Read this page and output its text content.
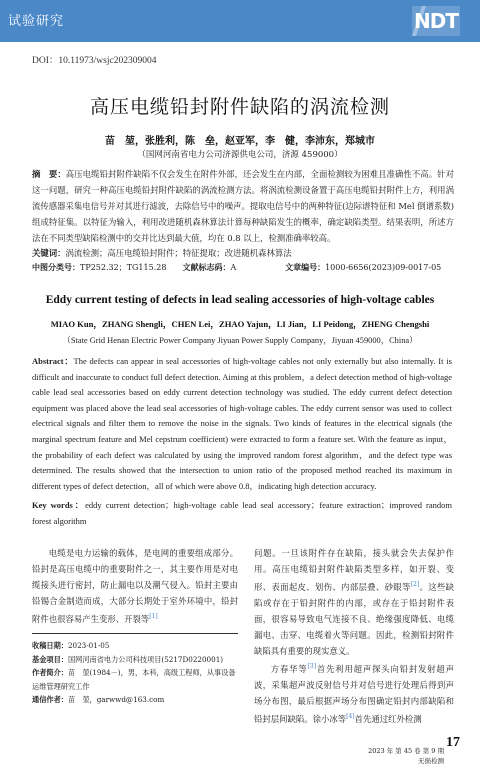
试验研究	NDT
DOI：10.11973/wsjc202309004
高压电缆铅封附件缺陷的涡流检测
苗　堃，张胜利，陈　垒，赵亚军，李　健，李沛东，郑城市
（国网河南省电力公司济源供电公司，济源 459000）
摘　要：高压电缆铅封附件缺陷不仅会发生在附件外部，还会发生在内部，全面检测较为困难且准确性不高。针对这一问题，研究一种高压电缆铅封附件缺陷的涡流检测方法。将涡流检测设备置于高压电缆铅封附件上方，利用涡流传感器采集电信号并对其进行滤波，去除信号中的噪声。提取电信号中的两种特征(边际谱特征和 Mel 倒谱系数)组成特征集。以特征为输入，利用改进随机森林算法计算每种缺陷发生的概率，确定缺陷类型。结果表明，所述方法在不同类型缺陷检测中的交并比达到最大值，均在 0.8 以上，检测准确率较高。
关键词：涡流检测；高压电缆铅封附件；特征提取；改进随机森林算法
中图分类号：TP252.32；TG115.28 文献标志码：A	文章编号：1000-6656(2023)09-0017-05
Eddy current testing of defects in lead sealing accessories of high-voltage cables
MIAO Kun，ZHANG Shengli，CHEN Lei，ZHAO Yajun，LI Jian，LI Peidong，ZHENG Chengshi
（State Grid Henan Electric Power Company Jiyuan Power Supply Company，Jiyuan 459000，China）
Abstract：The defects can appear in seal accessories of high-voltage cables not only externally but also internally. It is difficult and inaccurate to conduct full defect detection. Aiming at this problem，a defect detection method of high-voltage cable lead seal accessories based on eddy current detection technology was studied. The eddy current defect detection equipment was placed above the lead seal accessories of high-voltage cables. The eddy current sensor was used to collect electrical signals and filter them to remove the noise in the signals. Two kinds of features in the electrical signals (the marginal spectrum feature and Mel cepstrum coefficient) were extracted to form a feature set. With the feature as input，the probability of each defect was calculated by using the improved random forest algorithm，and the defect type was determined. The results showed that the intersection to union ratio of the proposed method reached its maximum in different types of defect detection，all of which were above 0.8，indicating high detection accuracy.
Key words：eddy current detection；high-voltage cable lead seal accessory；feature extraction；improved random forest algorithm
电缆是电力运输的载体，是电网的重要组成部分。铅封是高压电缆中的重要附件之一，其主要作用是对电缆接头进行密封，防止漏电以及潮气侵入。铅封主要由铅锡合金制造而成，大部分长期处于室外环境中，铅封附件也很容易产生变形、开裂等[1]
收稿日期：2023-01-05
基金项目：国网河南省电力公司科技项目(5217D0220001)
作者简介：苗　堃(1984－)，男，本科，高级工程师，从事设备运维管理研究工作
通信作者：苗　堃，garwwd@163.com
问题。一旦该附件存在缺陷，接头就会失去保护作用。高压电缆铅封附件缺陷类型多样，如开裂、变形、表面起皮、划伤、内部层叠、砂眼等[2]。这些缺陷或存在于铅封附件的内部，或存在于铅封附件表面，很容易导致电气连接不良、绝缘强度降低、电缆漏电、击穿、电缆着火等问题。因此，检测铅封附件缺陷具有重要的现实意义。
方春华等[3]首先利用超声探头向铅封发射超声波，采集超声波反射信号并对信号进行处理后得到声场分布图，最后根据声场分布图确定铅封内部缺陷和铅封层间缺陷。徐小冰等[4]首先通过红外检测
17
2023 年 第 45 卷 第 9 期
无损检测
